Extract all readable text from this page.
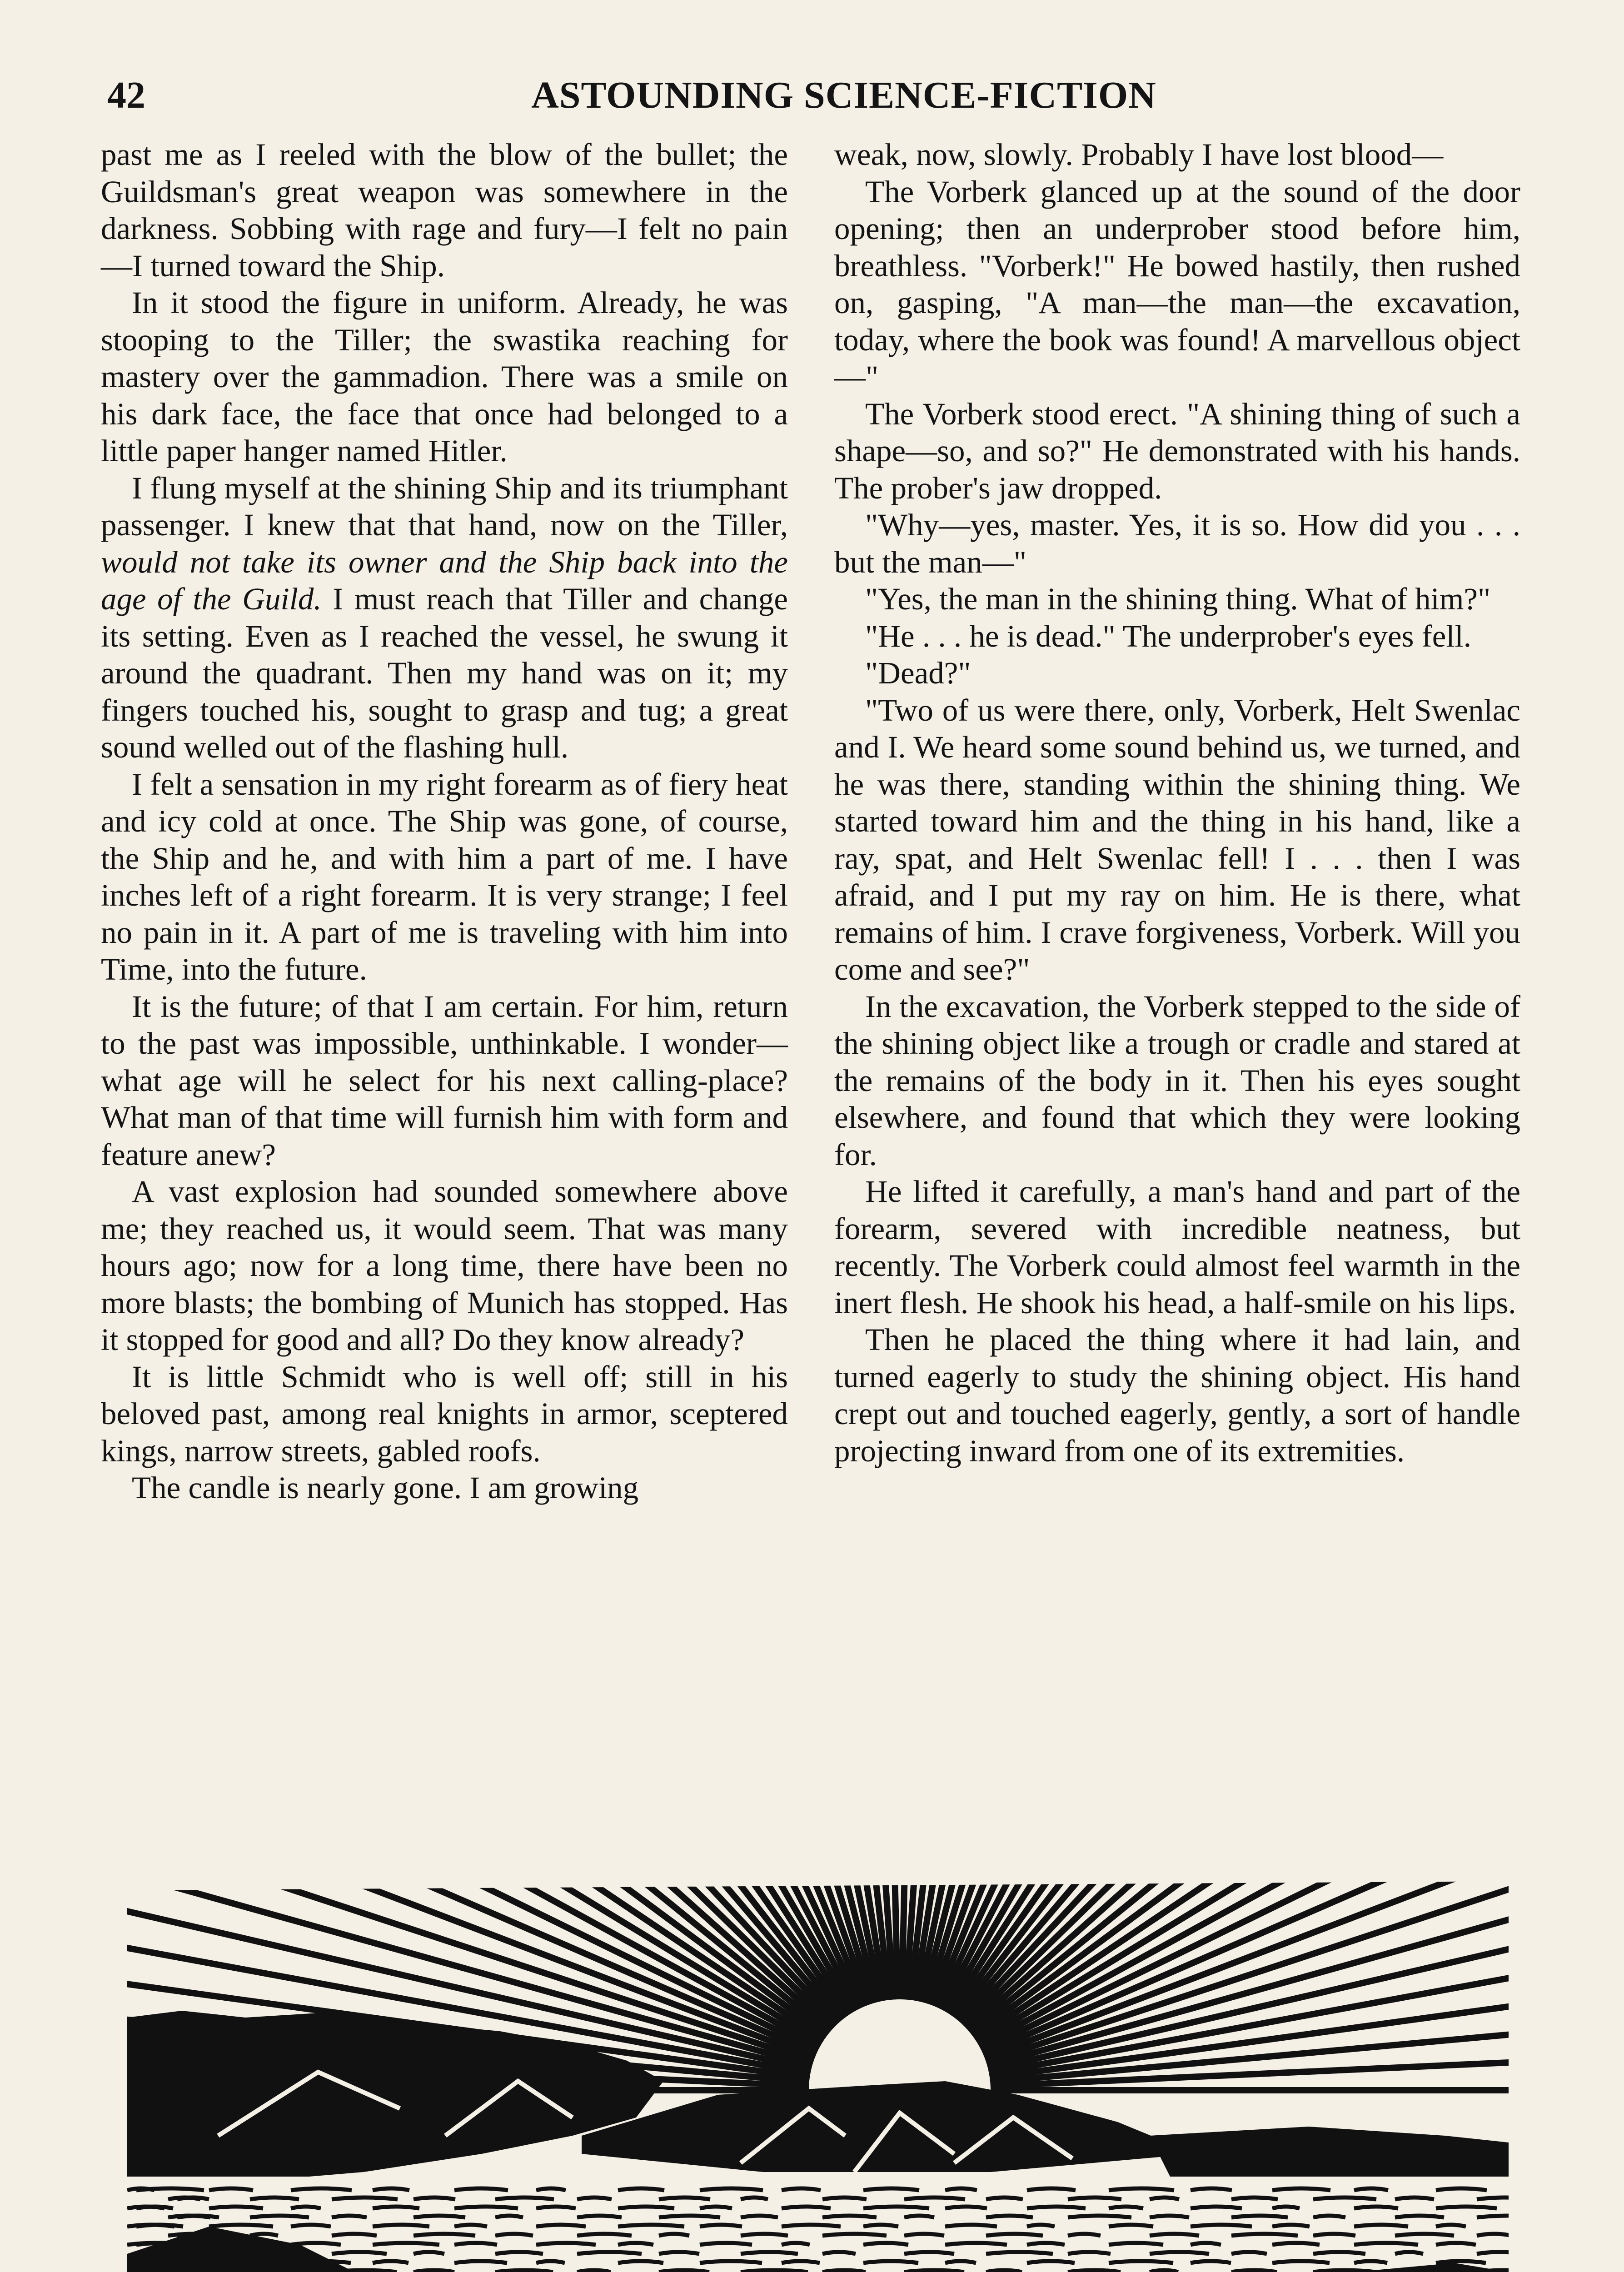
42	ASTOUNDING SCIENCE-FICTION

past me as I reeled with the blow of the bullet; the Guildsman's great weapon was somewhere in the darkness. Sobbing with rage and fury—I felt no pain—I turned toward the Ship.

In it stood the figure in uniform. Already, he was stooping to the Tiller; the swastika reaching for mastery over the gammadion. There was a smile on his dark face, the face that once had belonged to a little paper hanger named Hitler.

I flung myself at the shining Ship and its triumphant passenger. I knew that that hand, now on the Tiller, would not take its owner and the Ship back into the age of the Guild. I must reach that Tiller and change its setting. Even as I reached the vessel, he swung it around the quadrant. Then my hand was on it; my fingers touched his, sought to grasp and tug; a great sound welled out of the flashing hull.

I felt a sensation in my right forearm as of fiery heat and icy cold at once. The Ship was gone, of course, the Ship and he, and with him a part of me. I have inches left of a right forearm. It is very strange; I feel no pain in it. A part of me is traveling with him into Time, into the future.

It is the future; of that I am certain. For him, return to the past was impossible, unthinkable. I wonder—what age will he select for his next calling-place? What man of that time will furnish him with form and feature anew?

A vast explosion had sounded somewhere above me; they reached us, it would seem. That was many hours ago; now for a long time, there have been no more blasts; the bombing of Munich has stopped. Has it stopped for good and all? Do they know already?

It is little Schmidt who is well off; still in his beloved past, among real knights in armor, sceptered kings, narrow streets, gabled roofs.

The candle is nearly gone. I am growing

weak, now, slowly. Probably I have lost blood—

The Vorberk glanced up at the sound of the door opening; then an underprober stood before him, breathless. "Vorberk!" He bowed hastily, then rushed on, gasping, "A man—the man—the excavation, today, where the book was found! A marvellous object—"

The Vorberk stood erect. "A shining thing of such a shape—so, and so?" He demonstrated with his hands. The prober's jaw dropped.

"Why—yes, master. Yes, it is so. How did you . . . but the man—"

"Yes, the man in the shining thing. What of him?"

"He . . . he is dead." The underprober's eyes fell.

"Dead?"

"Two of us were there, only, Vorberk, Helt Swenlac and I. We heard some sound behind us, we turned, and he was there, standing within the shining thing. We started toward him and the thing in his hand, like a ray, spat, and Helt Swenlac fell! I . . . then I was afraid, and I put my ray on him. He is there, what remains of him. I crave forgiveness, Vorberk. Will you come and see?"

In the excavation, the Vorberk stepped to the side of the shining object like a trough or cradle and stared at the remains of the body in it. Then his eyes sought elsewhere, and found that which they were looking for.

He lifted it carefully, a man's hand and part of the forearm, severed with incredible neatness, but recently. The Vorberk could almost feel warmth in the inert flesh. He shook his head, a half-smile on his lips.

Then he placed the thing where it had lain, and turned eagerly to study the shining object. His hand crept out and touched eagerly, gently, a sort of handle projecting inward from one of its extremities.
